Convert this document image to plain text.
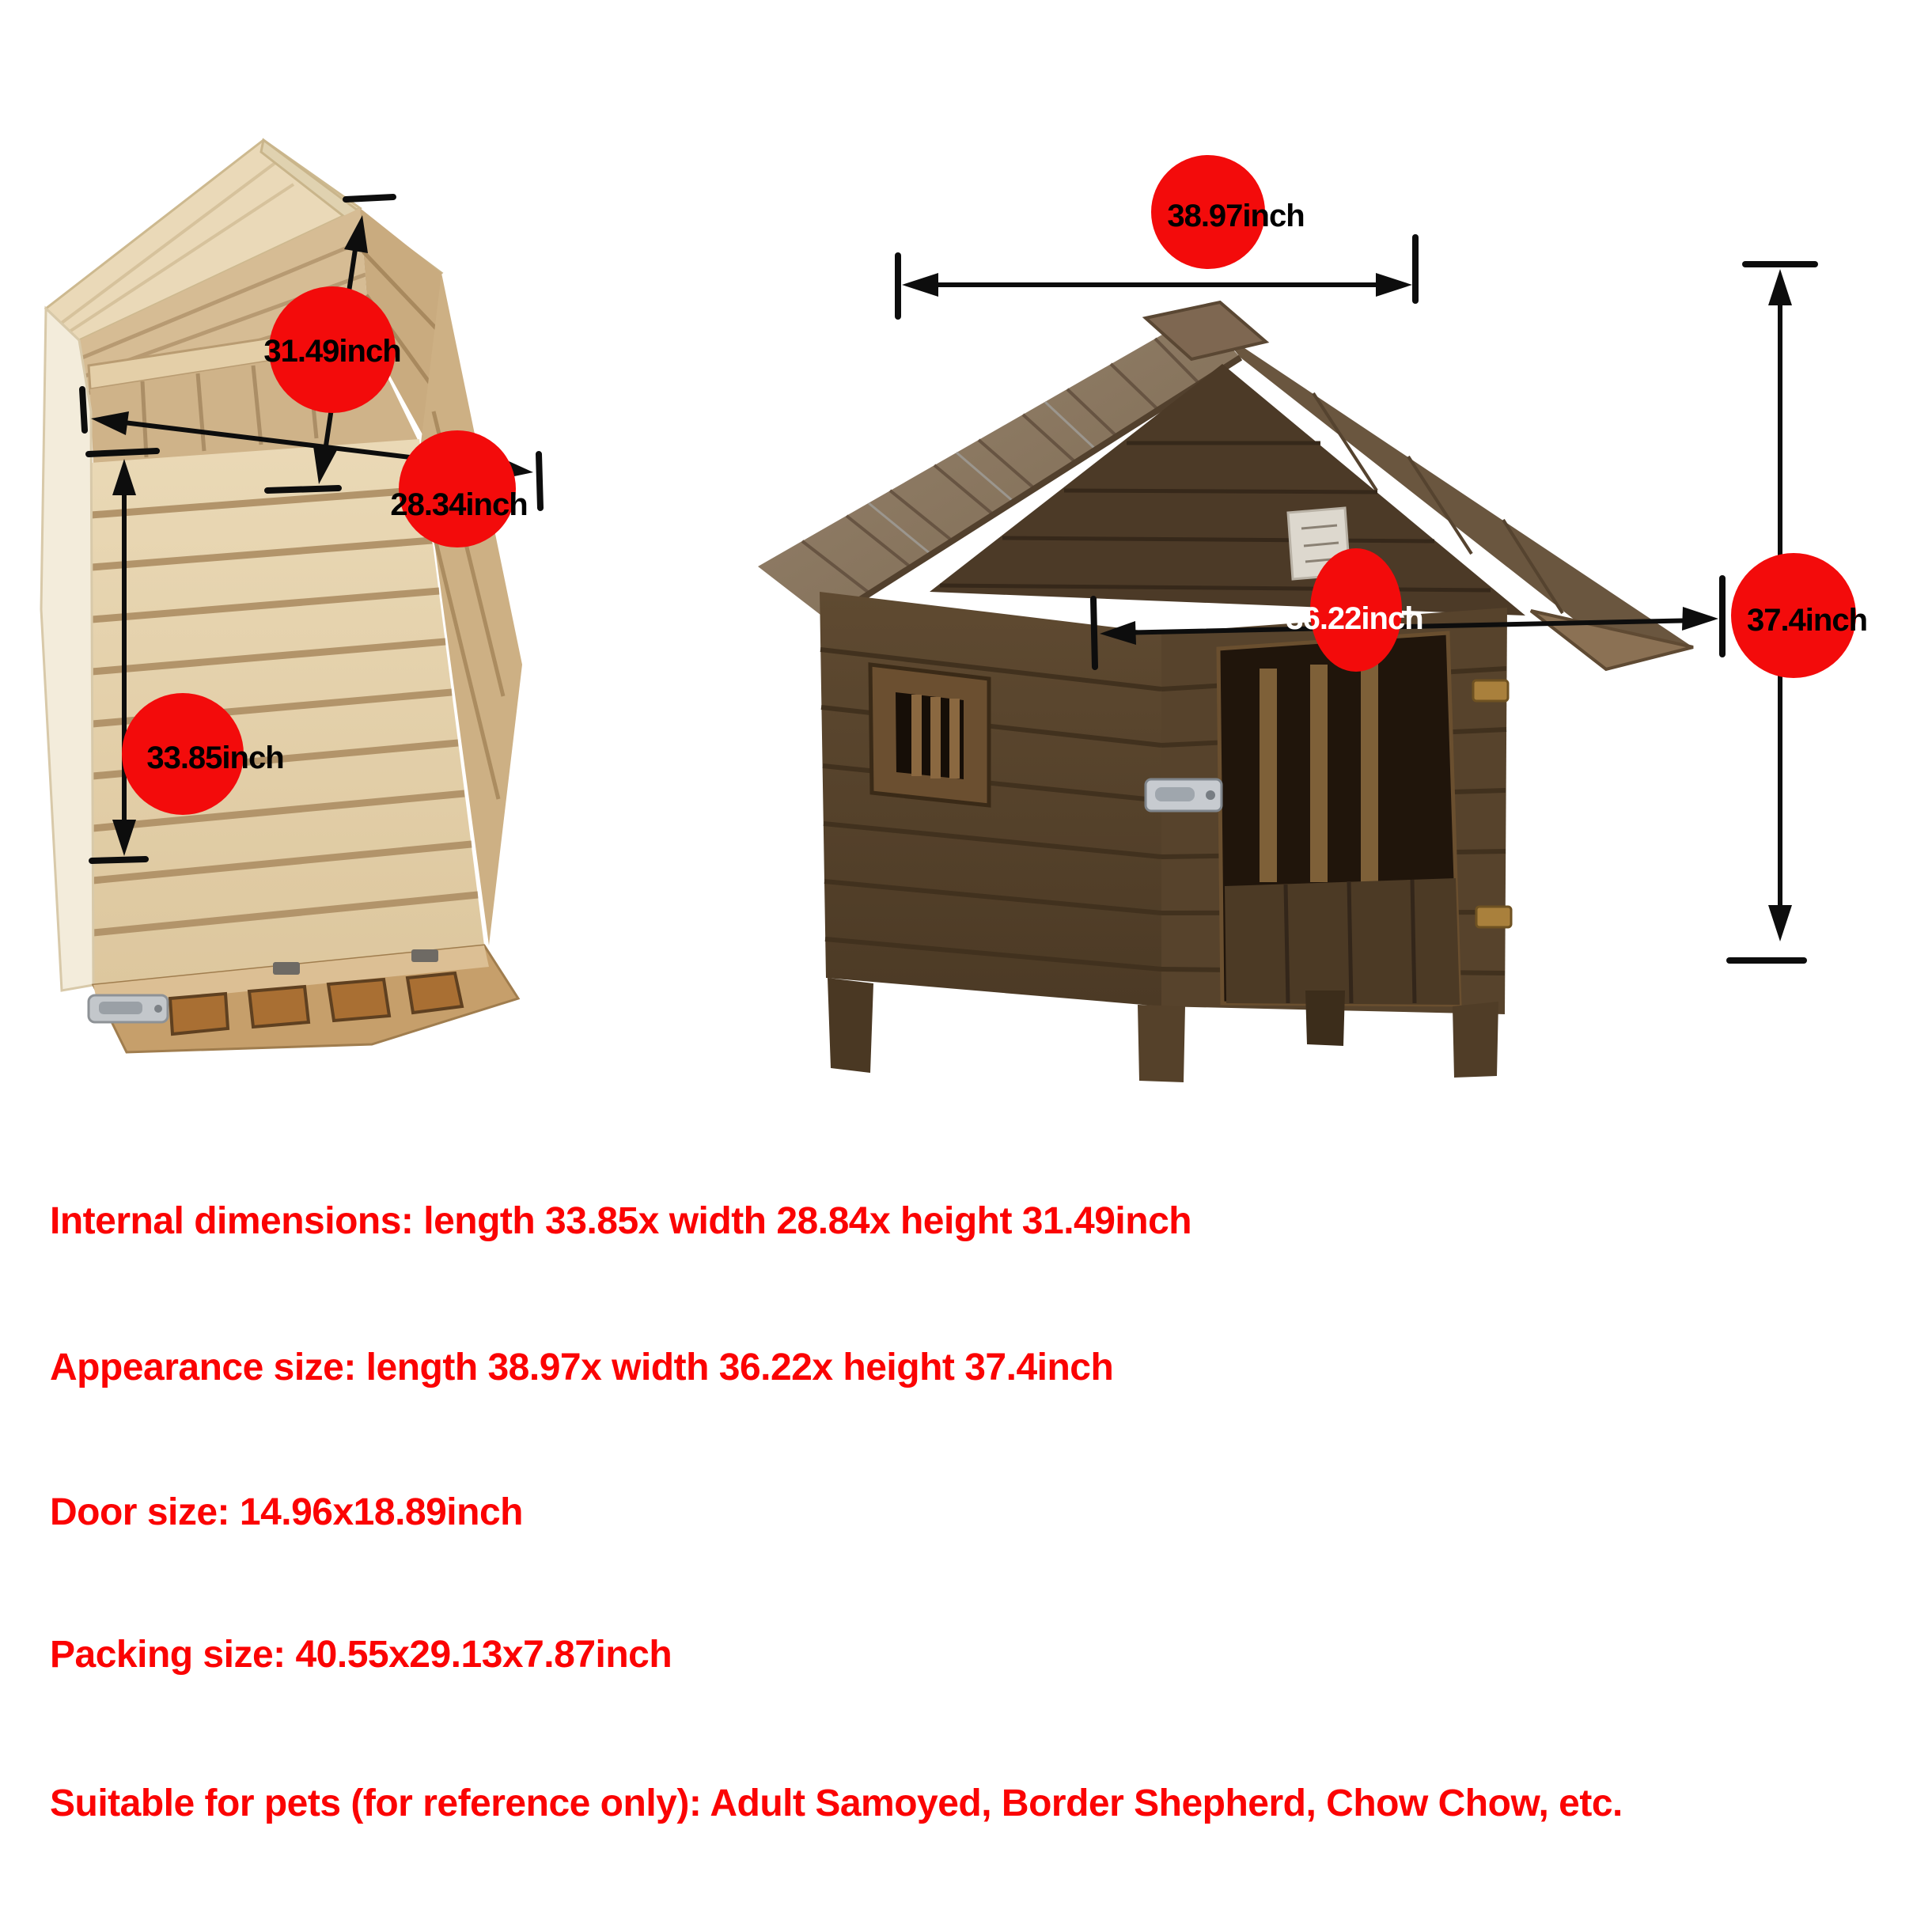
31.49inch
28.34inch
33.85inch
38.97inch
36.22inch	37.4inch
Internal dimensions: length 33.85x width 28.84x height 31.49inch
Appearance size: length 38.97x width 36.22x height 37.4inch
Door size: 14.96x18.89inch
Packing size: 40.55x29.13x7.87inch
Suitable for pets (for reference only): Adult Samoyed, Border Shepherd, Chow Chow, etc.
